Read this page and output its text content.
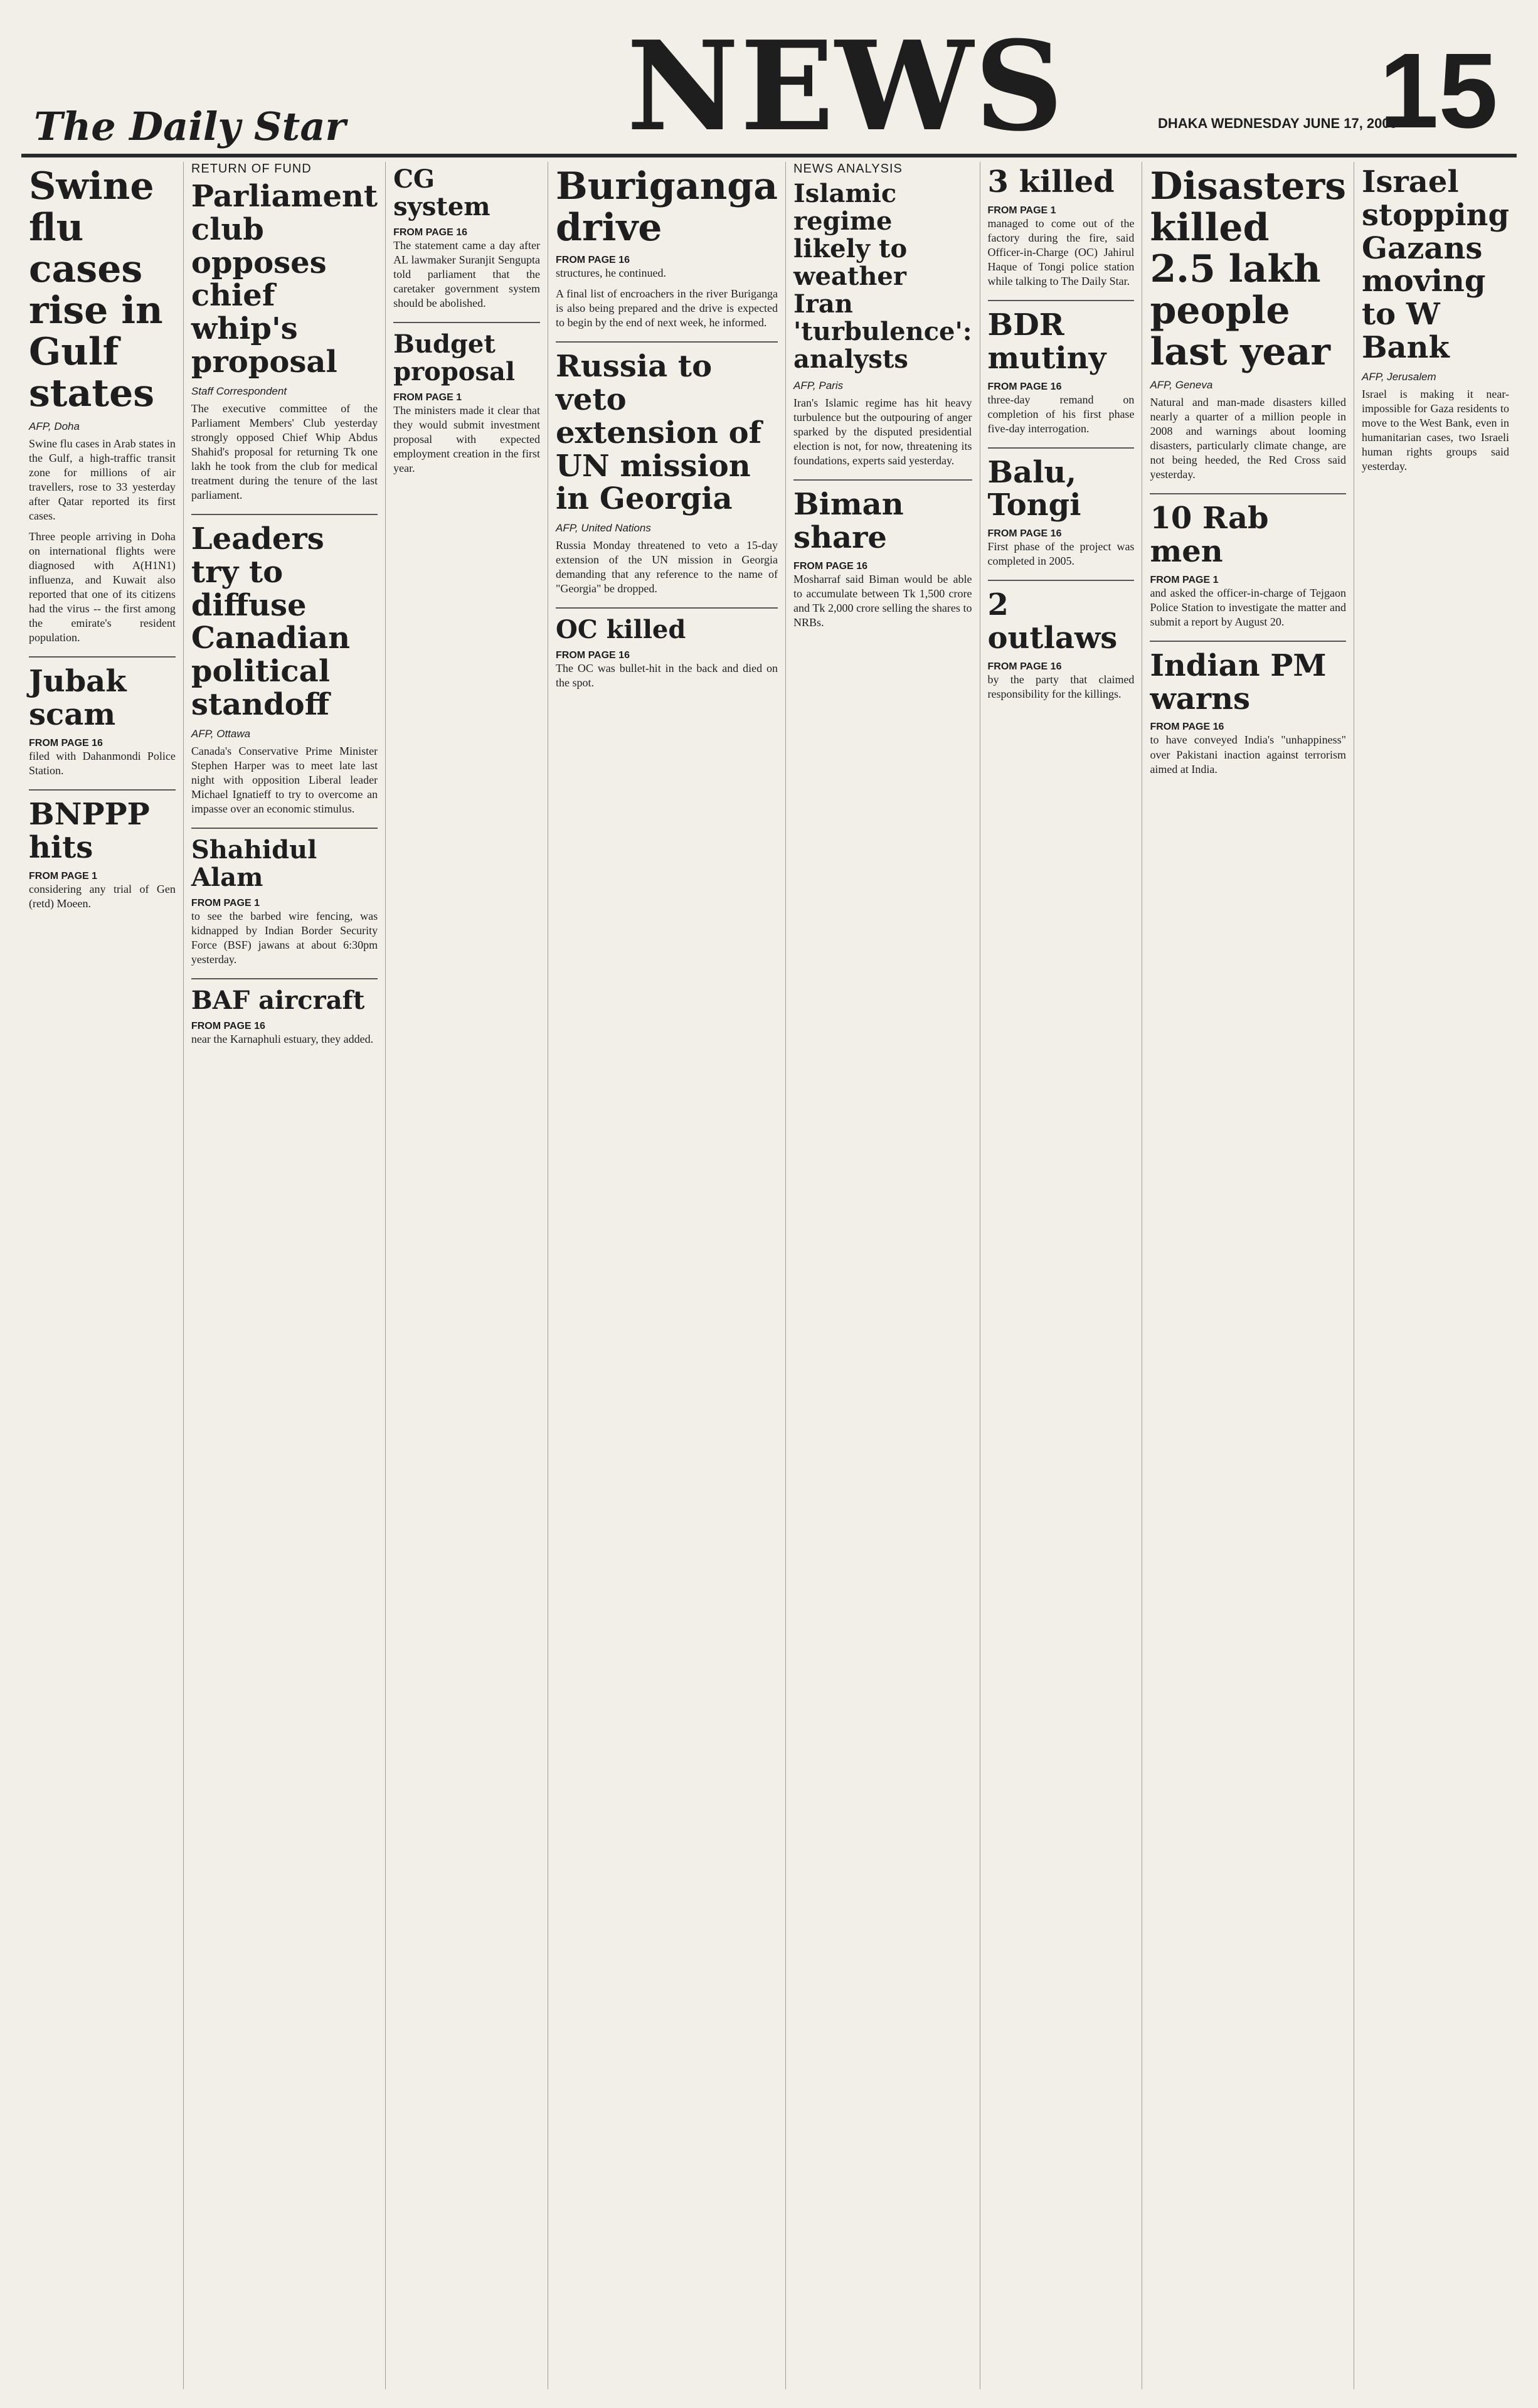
The Daily Star NEWS	DHAKA WEDNESDAY JUNE 17, 2009
15
Swine flu cases rise in Gulf states
AFP, Doha

Swine flu cases in Arab states in the Gulf, a high-traffic transit zone for millions of air travellers, rose to 33 yesterday after Qatar reported its first cases.

Three people arriving in Doha on international flights were diagnosed with A(H1N1) influenza, and Kuwait also reported that one of its citizens had the virus -- the first among the emirate's resident population.

Jubak scam
FROM PAGE 16

filed with Dahanmondi Police Station.

BNPPP hits
FROM PAGE 1

considering any trial of Gen (retd) Moeen.

RETURN OF FUND
Parliament club opposes chief whip's proposal
Staff Correspondent

The executive committee of the Parliament Members' Club yesterday strongly opposed Chief Whip Abdus Shahid's proposal for returning Tk one lakh he took from the club for medical treatment during the tenure of the last parliament.

Leaders try to diffuse Canadian political standoff
AFP, Ottawa

Canada's Conservative Prime Minister Stephen Harper was to meet late last night with opposition Liberal leader Michael Ignatieff to try to overcome an impasse over an economic stimulus.

Shahidul Alam
FROM PAGE 1

to see the barbed wire fencing, was kidnapped by Indian Border Security Force (BSF) jawans at about 6:30pm yesterday.

BAF aircraft
FROM PAGE 16

near the Karnaphuli estuary, they added.

CG system
FROM PAGE 16

The statement came a day after AL lawmaker Suranjit Sengupta told parliament that the caretaker government system should be abolished.

Budget proposal
FROM PAGE 1

The ministers made it clear that they would submit investment proposal with expected employment creation in the first year.

Buriganga drive
FROM PAGE 16

structures, he continued.

A final list of encroachers in the river Buriganga is also being prepared and the drive is expected to begin by the end of next week, he informed.

Russia to veto extension of UN mission in Georgia
AFP, United Nations

Russia Monday threatened to veto a 15-day extension of the UN mission in Georgia demanding that any reference to the name of "Georgia" be dropped.

OC killed
FROM PAGE 16

The OC was bullet-hit in the back and died on the spot.

NEWS ANALYSIS
Islamic regime likely to weather Iran 'turbulence': analysts
AFP, Paris

Iran's Islamic regime has hit heavy turbulence but the outpouring of anger sparked by the disputed presidential election is not, for now, threatening its foundations, experts said yesterday.

Biman share
FROM PAGE 16

Mosharraf said Biman would be able to accumulate between Tk 1,500 crore and Tk 2,000 crore selling the shares to NRBs.

3 killed
FROM PAGE 1

managed to come out of the factory during the fire, said Officer-in-Charge (OC) Jahirul Haque of Tongi police station while talking to The Daily Star.

BDR mutiny
FROM PAGE 16

three-day remand on completion of his first phase five-day interrogation.

Balu, Tongi
FROM PAGE 16

First phase of the project was completed in 2005.

2 outlaws
FROM PAGE 16

by the party that claimed responsibility for the killings.

Disasters killed 2.5 lakh people last year
AFP, Geneva

Natural and man-made disasters killed nearly a quarter of a million people in 2008 and warnings about looming disasters, particularly climate change, are not being heeded, the Red Cross said yesterday.

10 Rab men
FROM PAGE 1

and asked the officer-in-charge of Tejgaon Police Station to investigate the matter and submit a report by August 20.

Indian PM warns
FROM PAGE 16

to have conveyed India's "unhappiness" over Pakistani inaction against terrorism aimed at India.

Israel stopping Gazans moving to W Bank
AFP, Jerusalem

Israel is making it near-impossible for Gaza residents to move to the West Bank, even in humanitarian cases, two Israeli human rights groups said yesterday.
